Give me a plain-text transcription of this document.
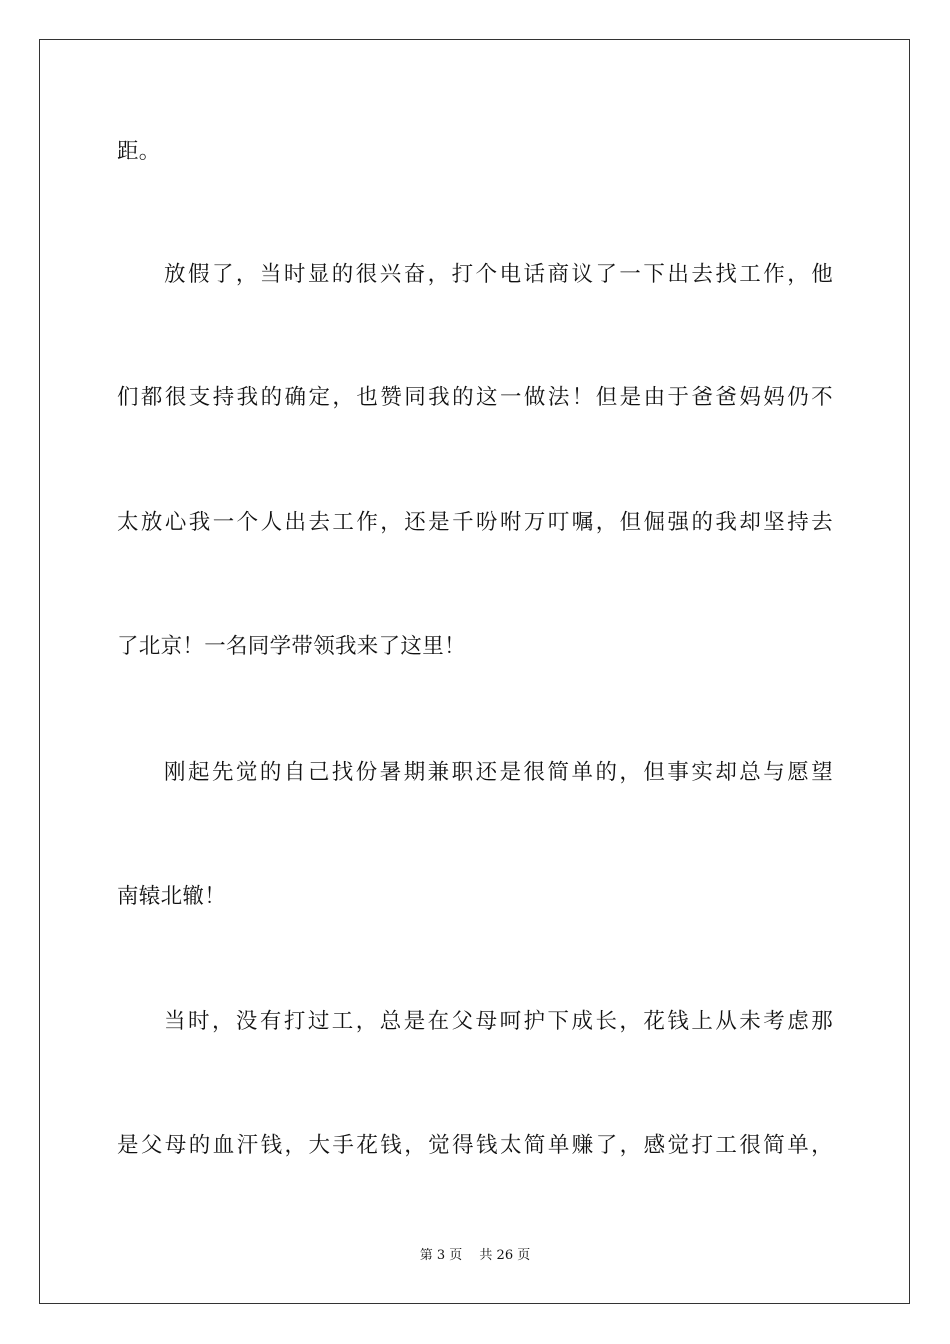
距。
放假了，当时显的很兴奋，打个电话商议了一下出去找工作，他
们都很支持我的确定，也赞同我的这一做法！但是由于爸爸妈妈仍不
太放心我一个人出去工作，还是千吩咐万叮嘱，但倔强的我却坚持去
了北京！一名同学带领我来了这里！
刚起先觉的自己找份暑期兼职还是很简单的，但事实却总与愿望
南辕北辙！
当时，没有打过工，总是在父母呵护下成长，花钱上从未考虑那
是父母的血汗钱，大手花钱，觉得钱太简单赚了，感觉打工很简单，
第 3 页　 共 26 页
